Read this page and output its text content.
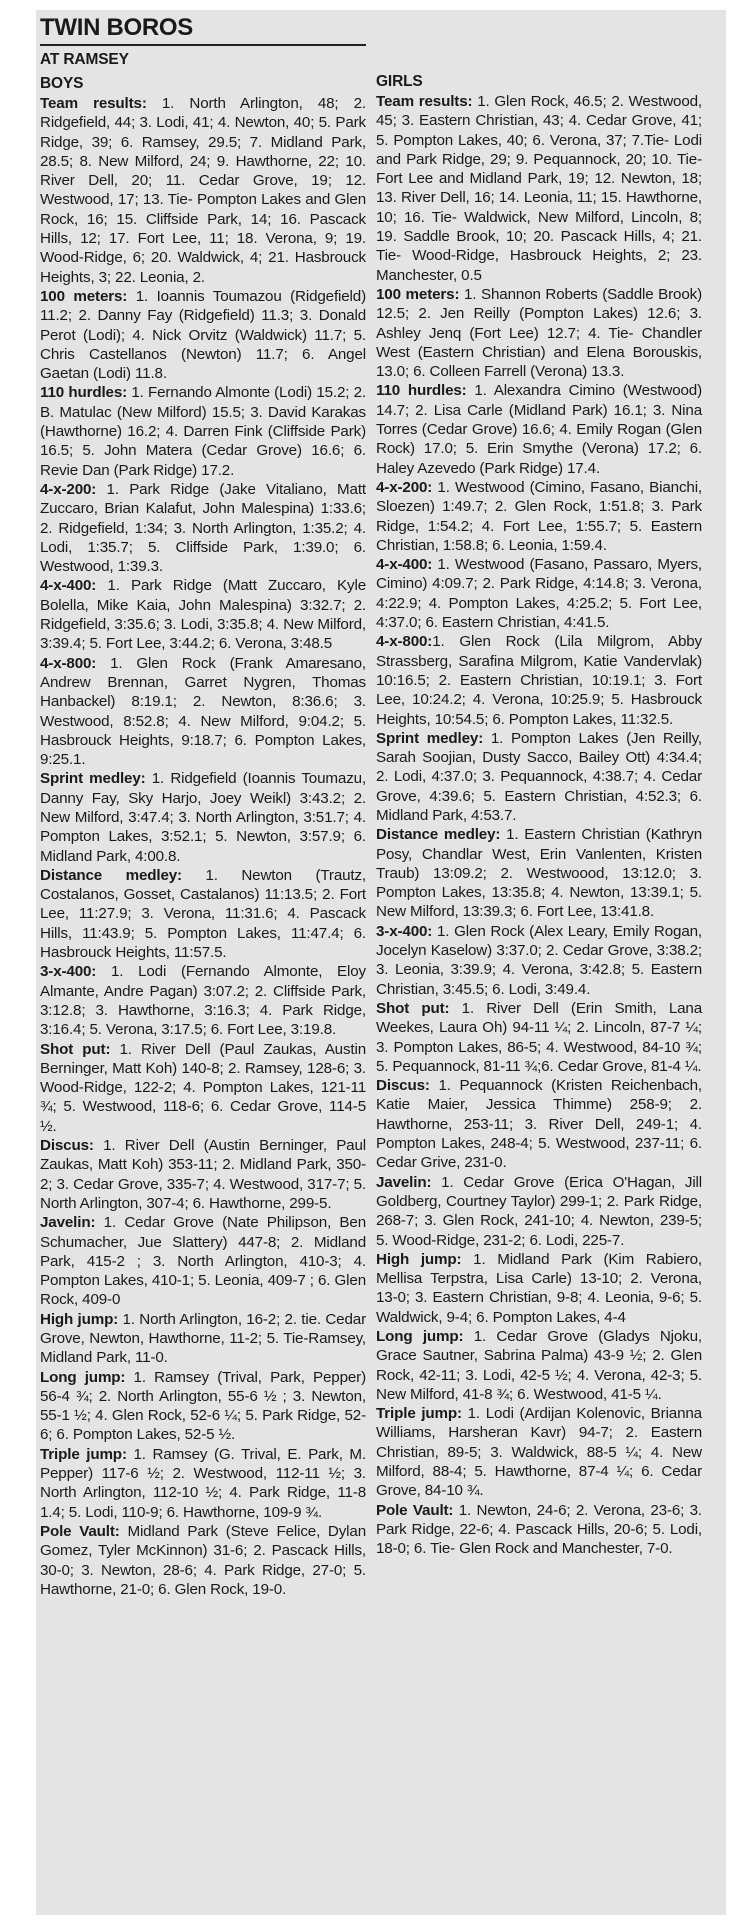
TWIN BOROS

AT RAMSEY

BOYS

Team results: 1. North Arlington, 48; 2. Ridgefield, 44; 3. Lodi, 41; 4. Newton, 40; 5. Park Ridge, 39; 6. Ramsey, 29.5; 7. Midland Park, 28.5; 8. New Milford, 24; 9. Hawthorne, 22; 10. River Dell, 20; 11. Cedar Grove, 19; 12. Westwood, 17; 13. Tie- Pompton Lakes and Glen Rock, 16; 15. Cliffside Park, 14; 16. Pascack Hills, 12; 17. Fort Lee, 11; 18. Verona, 9; 19. Wood-Ridge, 6; 20. Waldwick, 4; 21. Hasbrouck Heights, 3; 22. Leonia, 2.

100 meters: 1. Ioannis Toumazou (Ridgefield) 11.2; 2. Danny Fay (Ridgefield) 11.3; 3. Donald Perot (Lodi); 4. Nick Orvitz (Waldwick) 11.7; 5. Chris Castellanos (Newton) 11.7; 6. Angel Gaetan (Lodi) 11.8.

110 hurdles: 1. Fernando Almonte (Lodi) 15.2; 2. B. Matulac (New Milford) 15.5; 3. David Karakas (Hawthorne) 16.2; 4. Darren Fink (Cliffside Park) 16.5; 5. John Matera (Cedar Grove) 16.6; 6. Revie Dan (Park Ridge) 17.2.

4-x-200: 1. Park Ridge (Jake Vitaliano, Matt Zuccaro, Brian Kalafut, John Malespina) 1:33.6; 2. Ridgefield, 1:34; 3. North Arlington, 1:35.2; 4. Lodi, 1:35.7; 5. Cliffside Park, 1:39.0; 6. Westwood, 1:39.3.

4-x-400: 1. Park Ridge (Matt Zuccaro, Kyle Bolella, Mike Kaia, John Malespina) 3:32.7; 2. Ridgefield, 3:35.6; 3. Lodi, 3:35.8; 4. New Milford, 3:39.4; 5. Fort Lee, 3:44.2; 6. Verona, 3:48.5

4-x-800: 1. Glen Rock (Frank Amaresano, Andrew Brennan, Garret Nygren, Thomas Hanbackel) 8:19.1; 2. Newton, 8:36.6; 3. Westwood, 8:52.8; 4. New Milford, 9:04.2; 5. Hasbrouck Heights, 9:18.7; 6. Pompton Lakes, 9:25.1.

Sprint medley: 1. Ridgefield (Ioannis Toumazu, Danny Fay, Sky Harjo, Joey Weikl) 3:43.2; 2. New Milford, 3:47.4; 3. North Arlington, 3:51.7; 4. Pompton Lakes, 3:52.1; 5. Newton, 3:57.9; 6. Midland Park, 4:00.8.

Distance medley: 1. Newton (Trautz, Costalanos, Gosset, Castalanos) 11:13.5; 2. Fort Lee, 11:27.9; 3. Verona, 11:31.6; 4. Pascack Hills, 11:43.9; 5. Pompton Lakes, 11:47.4; 6. Hasbrouck Heights, 11:57.5.

3-x-400: 1. Lodi (Fernando Almonte, Eloy Almante, Andre Pagan) 3:07.2; 2. Cliffside Park, 3:12.8; 3. Hawthorne, 3:16.3; 4. Park Ridge, 3:16.4; 5. Verona, 3:17.5; 6. Fort Lee, 3:19.8.

Shot put: 1. River Dell (Paul Zaukas, Austin Berninger, Matt Koh) 140-8; 2. Ramsey, 128-6; 3. Wood-Ridge, 122-2; 4. Pompton Lakes, 121-11 ¾; 5. Westwood, 118-6; 6. Cedar Grove, 114-5 ½.

Discus: 1. River Dell (Austin Berninger, Paul Zaukas, Matt Koh) 353-11; 2. Midland Park, 350-2; 3. Cedar Grove, 335-7; 4. Westwood, 317-7; 5. North Arlington, 307-4; 6. Hawthorne, 299-5.

Javelin: 1. Cedar Grove (Nate Philipson, Ben Schumacher, Jue Slattery) 447-8; 2. Midland Park, 415-2 ; 3. North Arlington, 410-3; 4. Pompton Lakes, 410-1; 5. Leonia, 409-7 ; 6. Glen Rock, 409-0

High jump: 1. North Arlington, 16-2; 2. tie. Cedar Grove, Newton, Hawthorne, 11-2; 5. Tie-Ramsey, Midland Park, 11-0.

Long jump: 1. Ramsey (Trival, Park, Pepper) 56-4 ¾; 2. North Arlington, 55-6 ½ ; 3. Newton, 55-1 ½; 4. Glen Rock, 52-6 ¼; 5. Park Ridge, 52-6; 6. Pompton Lakes, 52-5 ½.

Triple jump: 1. Ramsey (G. Trival, E. Park, M. Pepper) 117-6 ½; 2. Westwood, 112-11 ½; 3. North Arlington, 112-10 ½; 4. Park Ridge, 11-8 1.4; 5. Lodi, 110-9; 6. Hawthorne, 109-9 ¾.

Pole Vault: Midland Park (Steve Felice, Dylan Gomez, Tyler McKinnon) 31-6; 2. Pascack Hills, 30-0; 3. Newton, 28-6; 4. Park Ridge, 27-0; 5. Hawthorne, 21-0; 6. Glen Rock, 19-0.

GIRLS

Team results: 1. Glen Rock, 46.5; 2. Westwood, 45; 3. Eastern Christian, 43; 4. Cedar Grove, 41; 5. Pompton Lakes, 40; 6. Verona, 37; 7.Tie- Lodi and Park Ridge, 29; 9. Pequannock, 20; 10. Tie- Fort Lee and Midland Park, 19; 12. Newton, 18; 13. River Dell, 16; 14. Leonia, 11; 15. Hawthorne, 10; 16. Tie- Waldwick, New Milford, Lincoln, 8; 19. Saddle Brook, 10; 20. Pascack Hills, 4; 21. Tie- Wood-Ridge, Hasbrouck Heights, 2; 23. Manchester, 0.5

100 meters: 1. Shannon Roberts (Saddle Brook) 12.5; 2. Jen Reilly (Pompton Lakes) 12.6; 3. Ashley Jenq (Fort Lee) 12.7; 4. Tie- Chandler West (Eastern Christian) and Elena Borouskis, 13.0; 6. Colleen Farrell (Verona) 13.3.

110 hurdles: 1. Alexandra Cimino (Westwood) 14.7; 2. Lisa Carle (Midland Park) 16.1; 3. Nina Torres (Cedar Grove) 16.6; 4. Emily Rogan (Glen Rock) 17.0; 5. Erin Smythe (Verona) 17.2; 6. Haley Azevedo (Park Ridge) 17.4.

4-x-200: 1. Westwood (Cimino, Fasano, Bianchi, Sloezen) 1:49.7; 2. Glen Rock, 1:51.8; 3. Park Ridge, 1:54.2; 4. Fort Lee, 1:55.7; 5. Eastern Christian, 1:58.8; 6. Leonia, 1:59.4.

4-x-400: 1. Westwood (Fasano, Passaro, Myers, Cimino) 4:09.7; 2. Park Ridge, 4:14.8; 3. Verona, 4:22.9; 4. Pompton Lakes, 4:25.2; 5. Fort Lee, 4:37.0; 6. Eastern Christian, 4:41.5.

4-x-800:1. Glen Rock (Lila Milgrom, Abby Strassberg, Sarafina Milgrom, Katie Vandervlak) 10:16.5; 2. Eastern Christian, 10:19.1; 3. Fort Lee, 10:24.2; 4. Verona, 10:25.9; 5. Hasbrouck Heights, 10:54.5; 6. Pompton Lakes, 11:32.5.

Sprint medley: 1. Pompton Lakes (Jen Reilly, Sarah Soojian, Dusty Sacco, Bailey Ott) 4:34.4; 2. Lodi, 4:37.0; 3. Pequannock, 4:38.7; 4. Cedar Grove, 4:39.6; 5. Eastern Christian, 4:52.3; 6. Midland Park, 4:53.7.

Distance medley: 1. Eastern Christian (Kathryn Posy, Chandlar West, Erin Vanlenten, Kristen Traub) 13:09.2; 2. Westwoood, 13:12.0; 3. Pompton Lakes, 13:35.8; 4. Newton, 13:39.1; 5. New Milford, 13:39.3; 6. Fort Lee, 13:41.8.

3-x-400: 1. Glen Rock (Alex Leary, Emily Rogan, Jocelyn Kaselow) 3:37.0; 2. Cedar Grove, 3:38.2; 3. Leonia, 3:39.9; 4. Verona, 3:42.8; 5. Eastern Christian, 3:45.5; 6. Lodi, 3:49.4.

Shot put: 1. River Dell (Erin Smith, Lana Weekes, Laura Oh) 94-11 ¼; 2. Lincoln, 87-7 ¼; 3. Pompton Lakes, 86-5; 4. Westwood, 84-10 ¾; 5. Pequannock, 81-11 ¾;6. Cedar Grove, 81-4 ¼.

Discus: 1. Pequannock (Kristen Reichenbach, Katie Maier, Jessica Thimme) 258-9; 2. Hawthorne, 253-11; 3. River Dell, 249-1; 4. Pompton Lakes, 248-4; 5. Westwood, 237-11; 6. Cedar Grive, 231-0.

Javelin: 1. Cedar Grove (Erica O'Hagan, Jill Goldberg, Courtney Taylor) 299-1; 2. Park Ridge, 268-7; 3. Glen Rock, 241-10; 4. Newton, 239-5; 5. Wood-Ridge, 231-2; 6. Lodi, 225-7.

High jump: 1. Midland Park (Kim Rabiero, Mellisa Terpstra, Lisa Carle) 13-10; 2. Verona, 13-0; 3. Eastern Christian, 9-8; 4. Leonia, 9-6; 5. Waldwick, 9-4; 6. Pompton Lakes, 4-4

Long jump: 1. Cedar Grove (Gladys Njoku, Grace Sautner, Sabrina Palma) 43-9 ½; 2. Glen Rock, 42-11; 3. Lodi, 42-5 ½; 4. Verona, 42-3; 5. New Milford, 41-8 ¾; 6. Westwood, 41-5 ¼.

Triple jump: 1. Lodi (Ardijan Kolenovic, Brianna Williams, Harsheran Kavr) 94-7; 2. Eastern Christian, 89-5; 3. Waldwick, 88-5 ¼; 4. New Milford, 88-4; 5. Hawthorne, 87-4 ¼; 6. Cedar Grove, 84-10 ¾.

Pole Vault: 1. Newton, 24-6; 2. Verona, 23-6; 3. Park Ridge, 22-6; 4. Pascack Hills, 20-6; 5. Lodi, 18-0; 6. Tie- Glen Rock and Manchester, 7-0.
